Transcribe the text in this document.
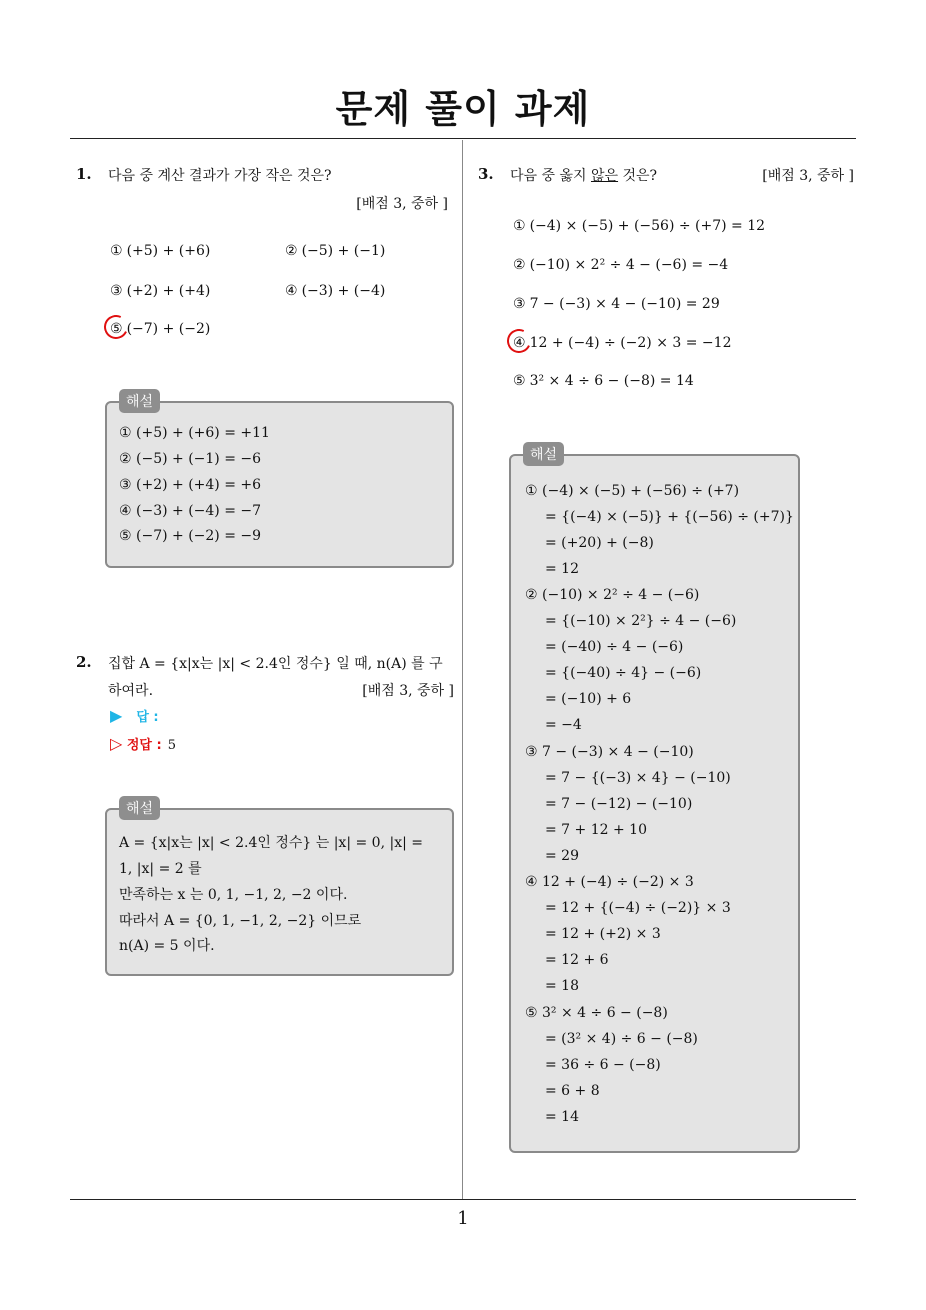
문제 풀이 과제
1. 다음 중 계산 결과가 가장 작은 것은?
[배점 3, 중하 ]
① (+5) + (+6)	② (−5) + (−1)
③ (+2) + (+4)	④ (−3) + (−4)
⑤ (−7) + (−2)
해설
① (+5) + (+6) = +11
② (−5) + (−1) = −6
③ (+2) + (+4) = +6
④ (−3) + (−4) = −7
⑤ (−7) + (−2) = −9
2. 집합 A = {x|x는 |x| < 2.4인 정수} 일 때, n(A) 를 구
하여라.	[배점 3, 중하 ]
▶ 답 :
▷ 정답 : 5
해설
A = {x|x는 |x| < 2.4인 정수} 는 |x| = 0, |x| =
1, |x| = 2 를
만족하는 x 는 0, 1, −1, 2, −2 이다.
따라서 A = {0, 1, −1, 2, −2} 이므로
n(A) = 5 이다.
3. 다음 중 옳지 않은 것은?	[배점 3, 중하 ]
① (−4) × (−5) + (−56) ÷ (+7) = 12
② (−10) × 2² ÷ 4 − (−6) = −4
③ 7 − (−3) × 4 − (−10) = 29
④ 12 + (−4) ÷ (−2) × 3 = −12
⑤ 3² × 4 ÷ 6 − (−8) = 14
해설
① (−4) × (−5) + (−56) ÷ (+7)
= {(−4) × (−5)} + {(−56) ÷ (+7)}
= (+20) + (−8)
= 12
② (−10) × 2² ÷ 4 − (−6)
= {(−10) × 2²} ÷ 4 − (−6)
= (−40) ÷ 4 − (−6)
= {(−40) ÷ 4} − (−6)
= (−10) + 6
= −4
③ 7 − (−3) × 4 − (−10)
= 7 − {(−3) × 4} − (−10)
= 7 − (−12) − (−10)
= 7 + 12 + 10
= 29
④ 12 + (−4) ÷ (−2) × 3
= 12 + {(−4) ÷ (−2)} × 3
= 12 + (+2) × 3
= 12 + 6
= 18
⑤ 3² × 4 ÷ 6 − (−8)
= (3² × 4) ÷ 6 − (−8)
= 36 ÷ 6 − (−8)
= 6 + 8
= 14
1
